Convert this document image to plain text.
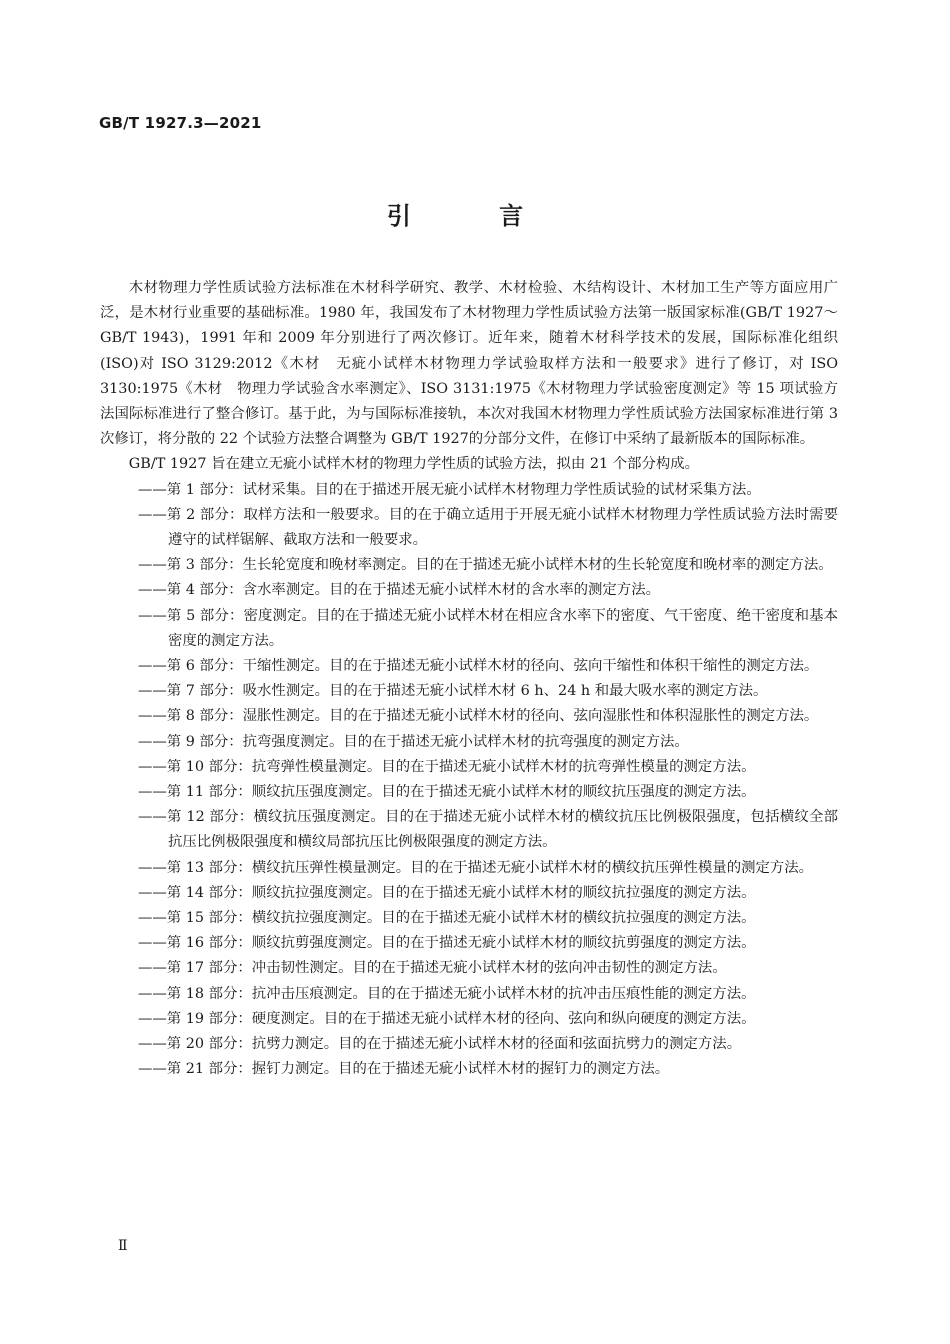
GB/T 1927.3—2021
引 言

木材物理力学性质试验方法标准在木材科学研究、教学、木材检验、木结构设计、木材加工生产等方面应用广泛，是木材行业重要的基础标准。1980 年，我国发布了木材物理力学性质试验方法第一版国家标准(GB/T 1927～GB/T 1943)，1991 年和 2009 年分别进行了两次修订。近年来，随着木材科学技术的发展，国际标准化组织(ISO)对 ISO 3129:2012《木材　无疵小试样木材物理力学试验取样方法和一般要求》进行了修订，对 ISO 3130:1975《木材　物理力学试验含水率测定》、ISO 3131:1975《木材物理力学试验密度测定》等 15 项试验方法国际标准进行了整合修订。基于此，为与国际标准接轨，本次对我国木材物理力学性质试验方法国家标准进行第 3 次修订，将分散的 22 个试验方法整合调整为 GB/T 1927的分部分文件，在修订中采纳了最新版本的国际标准。

GB/T 1927 旨在建立无疵小试样木材的物理力学性质的试验方法，拟由 21 个部分构成。

——第 1 部分：试材采集。目的在于描述开展无疵小试样木材物理力学性质试验的试材采集方法。

——第 2 部分：取样方法和一般要求。目的在于确立适用于开展无疵小试样木材物理力学性质试验方法时需要遵守的试样锯解、截取方法和一般要求。

——第 3 部分：生长轮宽度和晚材率测定。目的在于描述无疵小试样木材的生长轮宽度和晚材率的测定方法。

——第 4 部分：含水率测定。目的在于描述无疵小试样木材的含水率的测定方法。

——第 5 部分：密度测定。目的在于描述无疵小试样木材在相应含水率下的密度、气干密度、绝干密度和基本密度的测定方法。

——第 6 部分：干缩性测定。目的在于描述无疵小试样木材的径向、弦向干缩性和体积干缩性的测定方法。

——第 7 部分：吸水性测定。目的在于描述无疵小试样木材 6 h、24 h 和最大吸水率的测定方法。

——第 8 部分：湿胀性测定。目的在于描述无疵小试样木材的径向、弦向湿胀性和体积湿胀性的测定方法。

——第 9 部分：抗弯强度测定。目的在于描述无疵小试样木材的抗弯强度的测定方法。

——第 10 部分：抗弯弹性模量测定。目的在于描述无疵小试样木材的抗弯弹性模量的测定方法。

——第 11 部分：顺纹抗压强度测定。目的在于描述无疵小试样木材的顺纹抗压强度的测定方法。

——第 12 部分：横纹抗压强度测定。目的在于描述无疵小试样木材的横纹抗压比例极限强度，包括横纹全部抗压比例极限强度和横纹局部抗压比例极限强度的测定方法。

——第 13 部分：横纹抗压弹性模量测定。目的在于描述无疵小试样木材的横纹抗压弹性模量的测定方法。

——第 14 部分：顺纹抗拉强度测定。目的在于描述无疵小试样木材的顺纹抗拉强度的测定方法。

——第 15 部分：横纹抗拉强度测定。目的在于描述无疵小试样木材的横纹抗拉强度的测定方法。

——第 16 部分：顺纹抗剪强度测定。目的在于描述无疵小试样木材的顺纹抗剪强度的测定方法。

——第 17 部分：冲击韧性测定。目的在于描述无疵小试样木材的弦向冲击韧性的测定方法。

——第 18 部分：抗冲击压痕测定。目的在于描述无疵小试样木材的抗冲击压痕性能的测定方法。

——第 19 部分：硬度测定。目的在于描述无疵小试样木材的径向、弦向和纵向硬度的测定方法。

——第 20 部分：抗劈力测定。目的在于描述无疵小试样木材的径面和弦面抗劈力的测定方法。

——第 21 部分：握钉力测定。目的在于描述无疵小试样木材的握钉力的测定方法。

Ⅱ
